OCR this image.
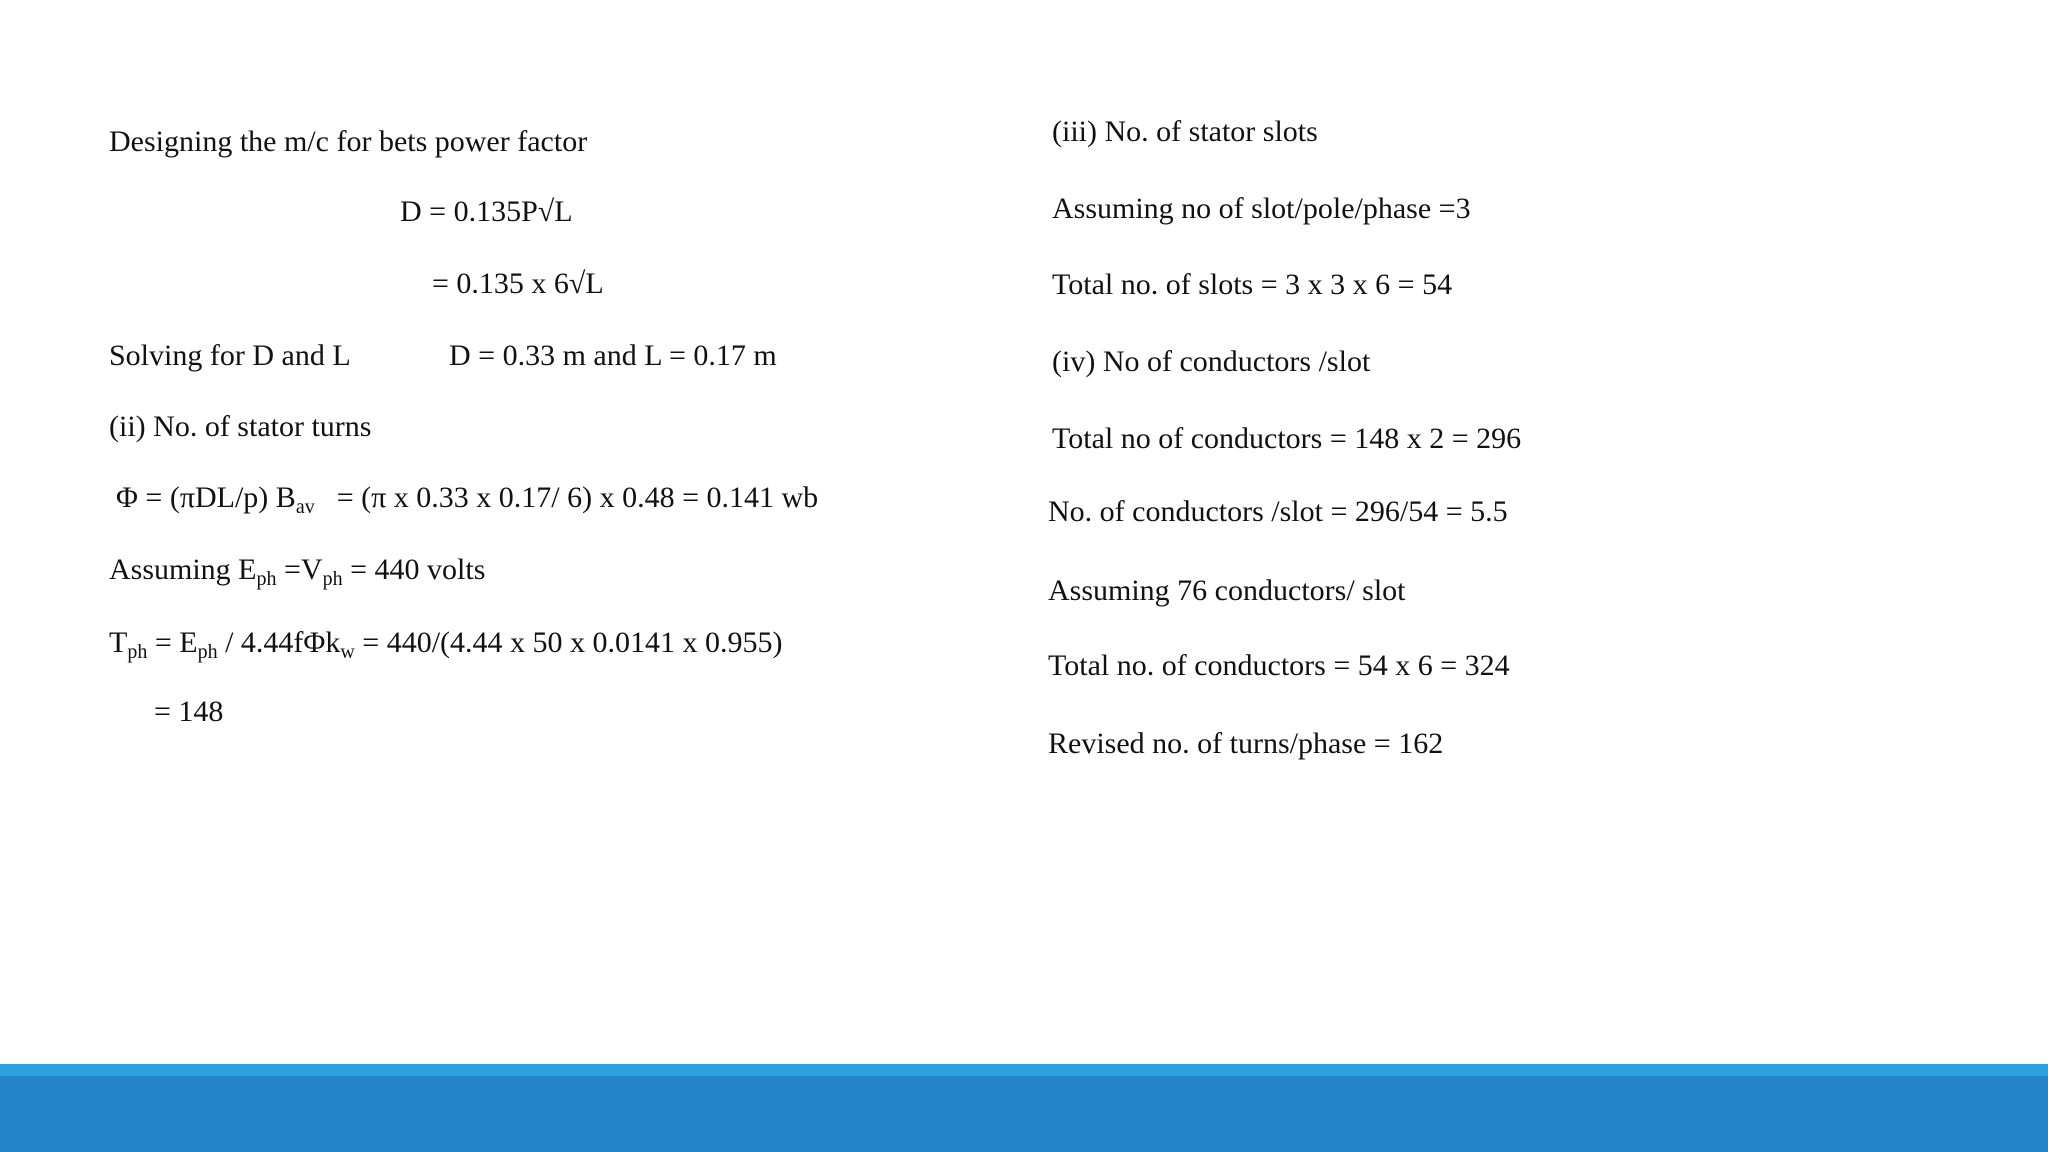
Designing the m/c for bets power factor
D = 0.135P√L
= 0.135 x 6√L
Solving for D and L	D = 0.33 m and L = 0.17 m
(ii) No. of stator turns
Φ = (πDL/p) $B_{av} = (\pi$ x 0.33 x 0.17/ 6) x 0.48 = 0.141 wb
Assuming $E_{ph} =V_{ph} = 440$ volts
$T_{ph} = E_{ph} / 4.44f\Phi k_w = 440/(4.44$ x 50 x 0.0141 x 0.955)
= 148
(iii) No. of stator slots
Assuming no of slot/pole/phase =3
Total no. of slots = 3 x 3 x 6 = 54
(iv) No of conductors /slot
Total no of conductors = 148 x 2 = 296
No. of conductors /slot = 296/54 = 5.5
Assuming 76 conductors/ slot
Total no. of conductors = 54 x 6 = 324
Revised no. of turns/phase = 162
